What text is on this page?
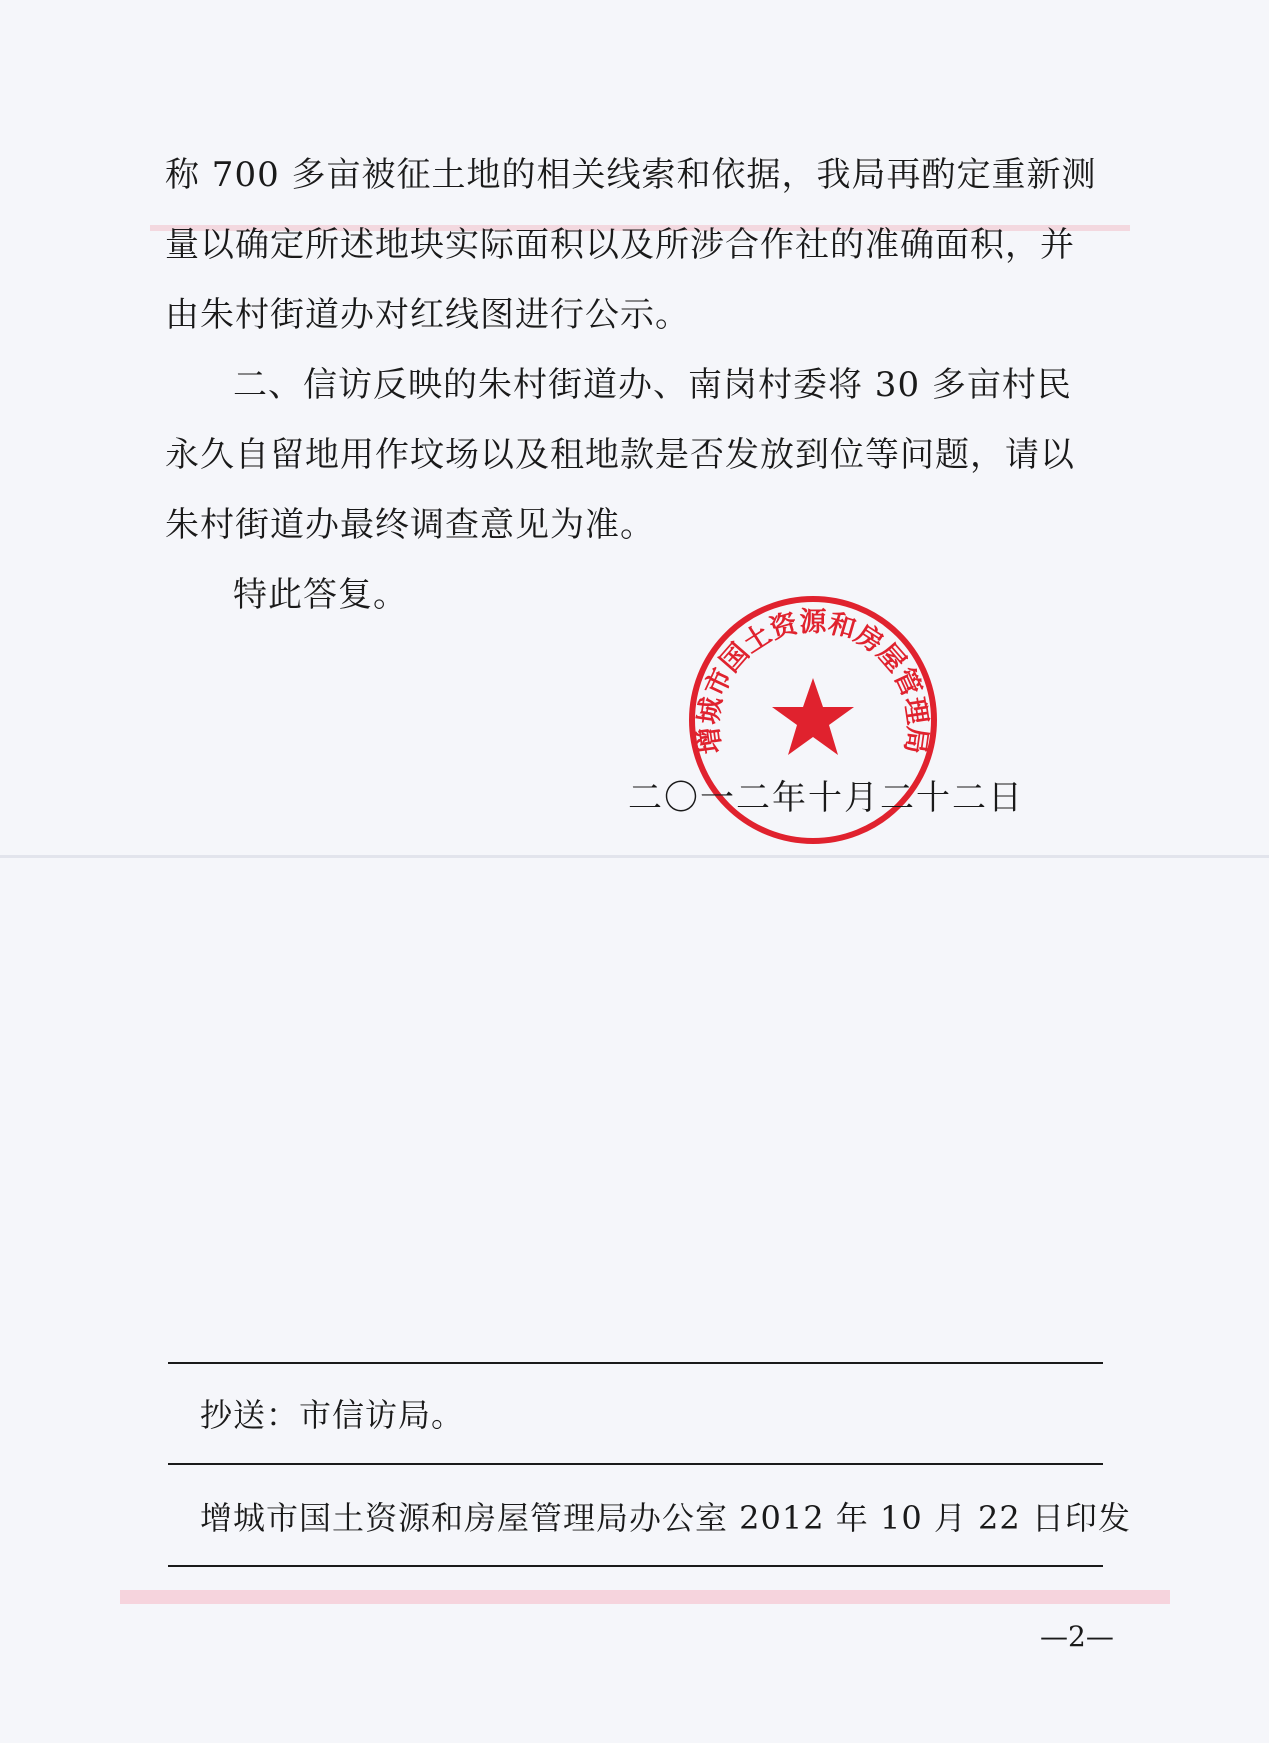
称 700 多亩被征土地的相关线索和依据，我局再酌定重新测量以确定所述地块实际面积以及所涉合作社的准确面积，并由朱村街道办对红线图进行公示。

二、信访反映的朱村街道办、南岗村委将 30 多亩村民永久自留地用作坟场以及租地款是否发放到位等问题，请以朱村街道办最终调查意见为准。

特此答复。

增城市国土资源和房屋管理局
二〇一二年十月二十二日
抄送：市信访局。
增城市国土资源和房屋管理局办公室 2012 年 10 月 22 日印发
—2—
